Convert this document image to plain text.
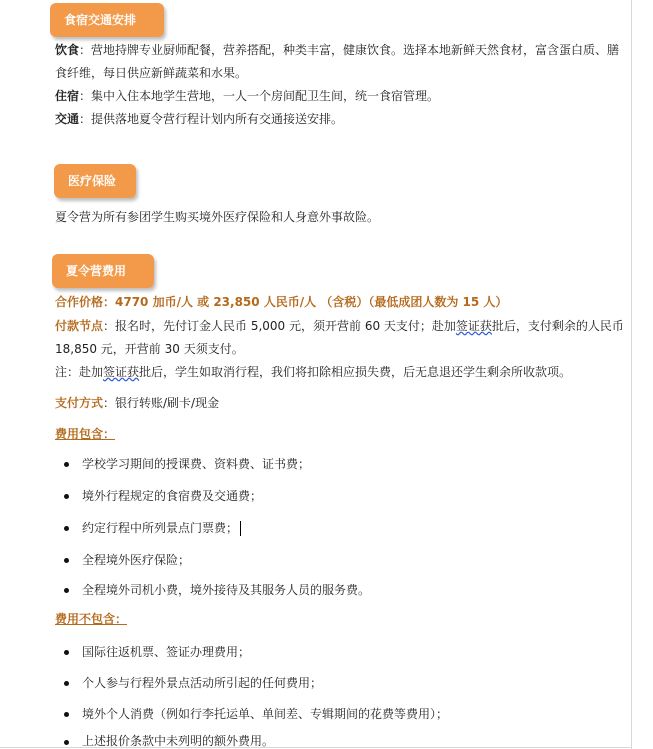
食宿交通安排
饮食：营地持牌专业厨师配餐，营养搭配，种类丰富，健康饮食。选择本地新鲜天然食材，富含蛋白质、膳
食纤维，每日供应新鲜蔬菜和水果。
住宿：集中入住本地学生营地，一人一个房间配卫生间，统一食宿管理。
交通：提供落地夏令营行程计划内所有交通接送安排。
医疗保险
夏令营为所有参团学生购买境外医疗保险和人身意外事故险。
夏令营费用
合作价格：4770 加币/人 或 23,850 人民币/人 （含税）（最低成团人数为 15 人）
付款节点：报名时，先付订金人民币 5,000 元，须开营前 60 天支付；赴加签证获批后，支付剩余的人民币
18,850 元，开营前 30 天须支付。
注：赴加签证获批后，学生如取消行程，我们将扣除相应损失费，后无息退还学生剩余所收款项。
支付方式：银行转账/刷卡/现金
费用包含：
学校学习期间的授课费、资料费、证书费；
境外行程规定的食宿费及交通费；
约定行程中所列景点门票费；
全程境外医疗保险；
全程境外司机小费，境外接待及其服务人员的服务费。
费用不包含：
国际往返机票、签证办理费用；
个人参与行程外景点活动所引起的任何费用；
境外个人消费（例如行李托运单、单间差、专辑期间的花费等费用）；
上述报价条款中未列明的额外费用。
